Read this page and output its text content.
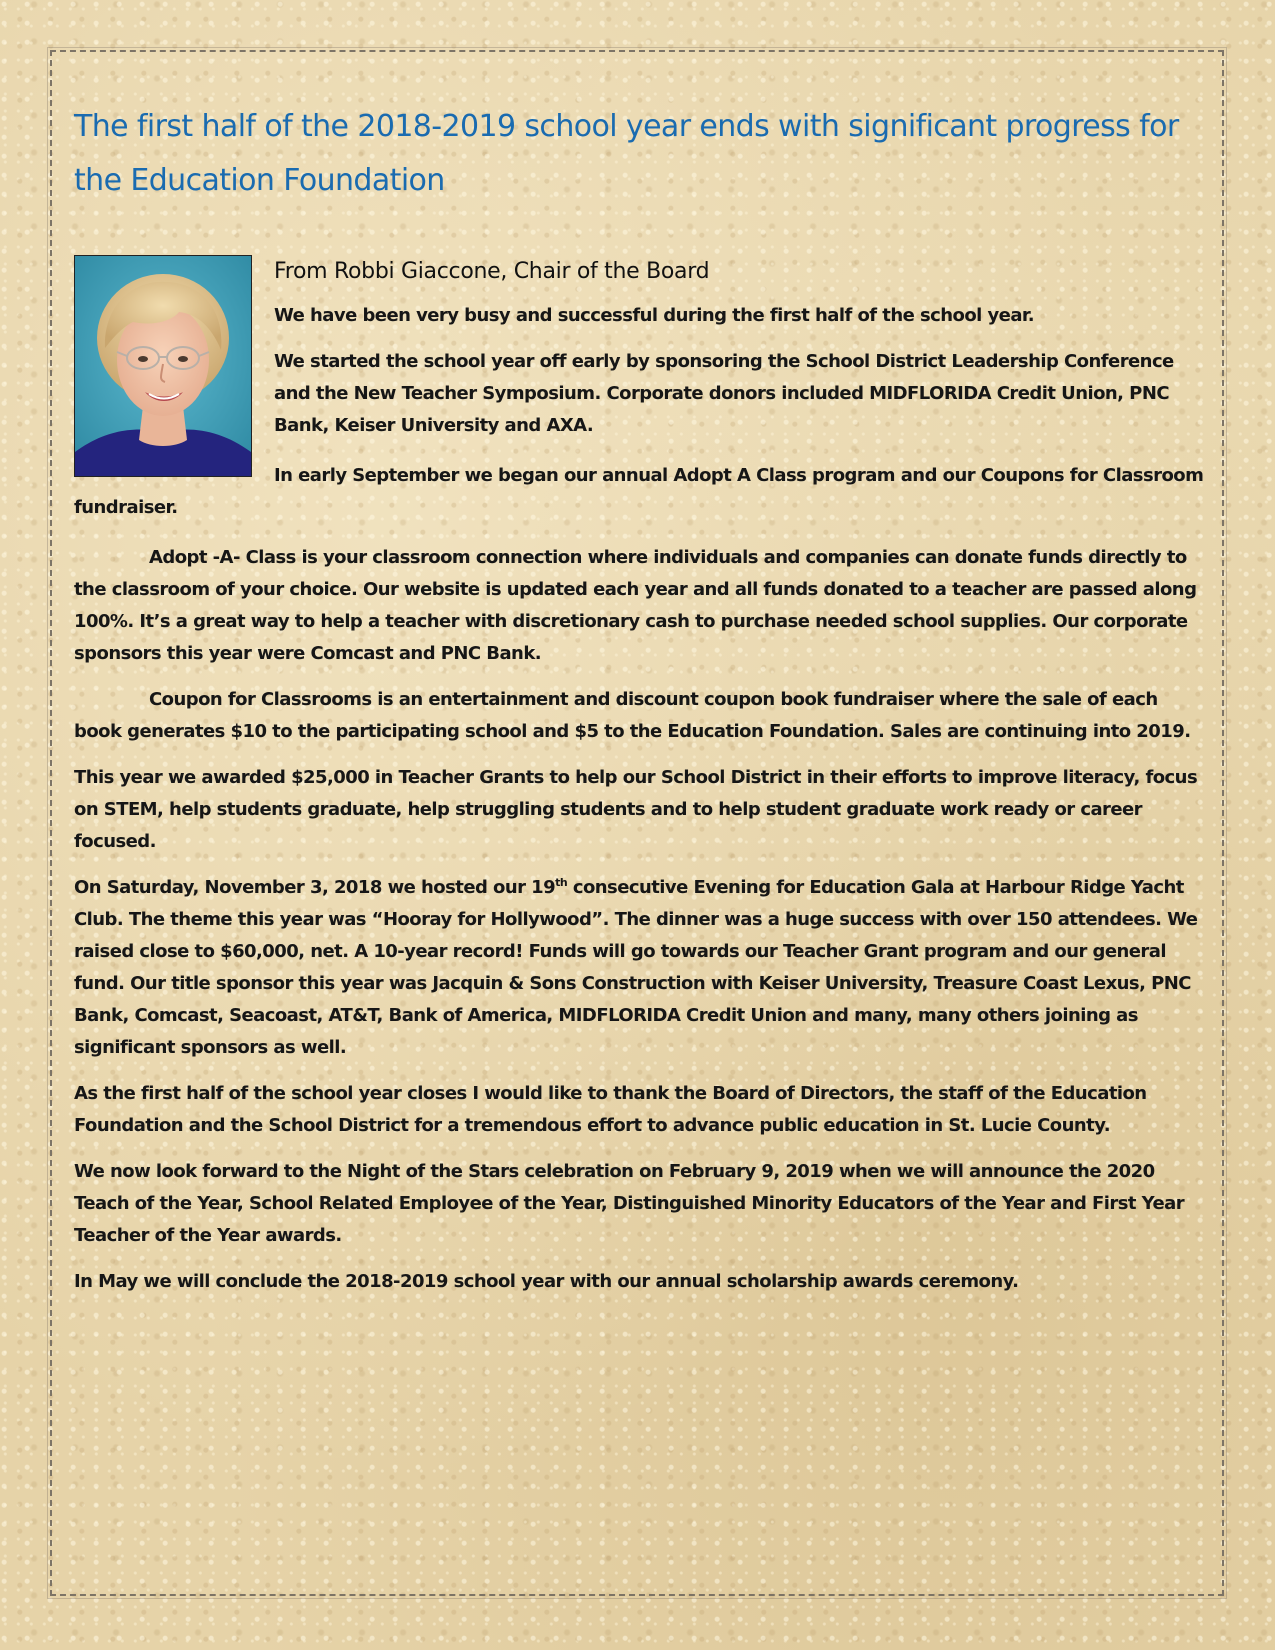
The first half of the 2018-2019 school year ends with significant progress for the Education Foundation
From Robbi Giaccone, Chair of the Board

We have been very busy and successful during the first half of the school year.

We started the school year off early by sponsoring the School District Leadership Conference and the New Teacher Symposium. Corporate donors included MIDFLORIDA Credit Union, PNC Bank, Keiser University and AXA.

In early September we began our annual Adopt A Class program and our Coupons for Classroom fundraiser.

Adopt -A- Class is your classroom connection where individuals and companies can donate funds directly to the classroom of your choice. Our website is updated each year and all funds donated to a teacher are passed along 100%. It’s a great way to help a teacher with discretionary cash to purchase needed school supplies. Our corporate sponsors this year were Comcast and PNC Bank.

Coupon for Classrooms is an entertainment and discount coupon book fundraiser where the sale of each book generates $10 to the participating school and $5 to the Education Foundation. Sales are continuing into 2019.

This year we awarded $25,000 in Teacher Grants to help our School District in their efforts to improve literacy, focus on STEM, help students graduate, help struggling students and to help student graduate work ready or career focused.

On Saturday, November 3, 2018 we hosted our 19th consecutive Evening for Education Gala at Harbour Ridge Yacht Club. The theme this year was “Hooray for Hollywood”. The dinner was a huge success with over 150 attendees. We raised close to $60,000, net. A 10-year record! Funds will go towards our Teacher Grant program and our general fund. Our title sponsor this year was Jacquin & Sons Construction with Keiser University, Treasure Coast Lexus, PNC Bank, Comcast, Seacoast, AT&T, Bank of America, MIDFLORIDA Credit Union and many, many others joining as significant sponsors as well.

As the first half of the school year closes I would like to thank the Board of Directors, the staff of the Education Foundation and the School District for a tremendous effort to advance public education in St. Lucie County.

We now look forward to the Night of the Stars celebration on February 9, 2019 when we will announce the 2020 Teach of the Year, School Related Employee of the Year, Distinguished Minority Educators of the Year and First Year Teacher of the Year awards.

In May we will conclude the 2018-2019 school year with our annual scholarship awards ceremony.
